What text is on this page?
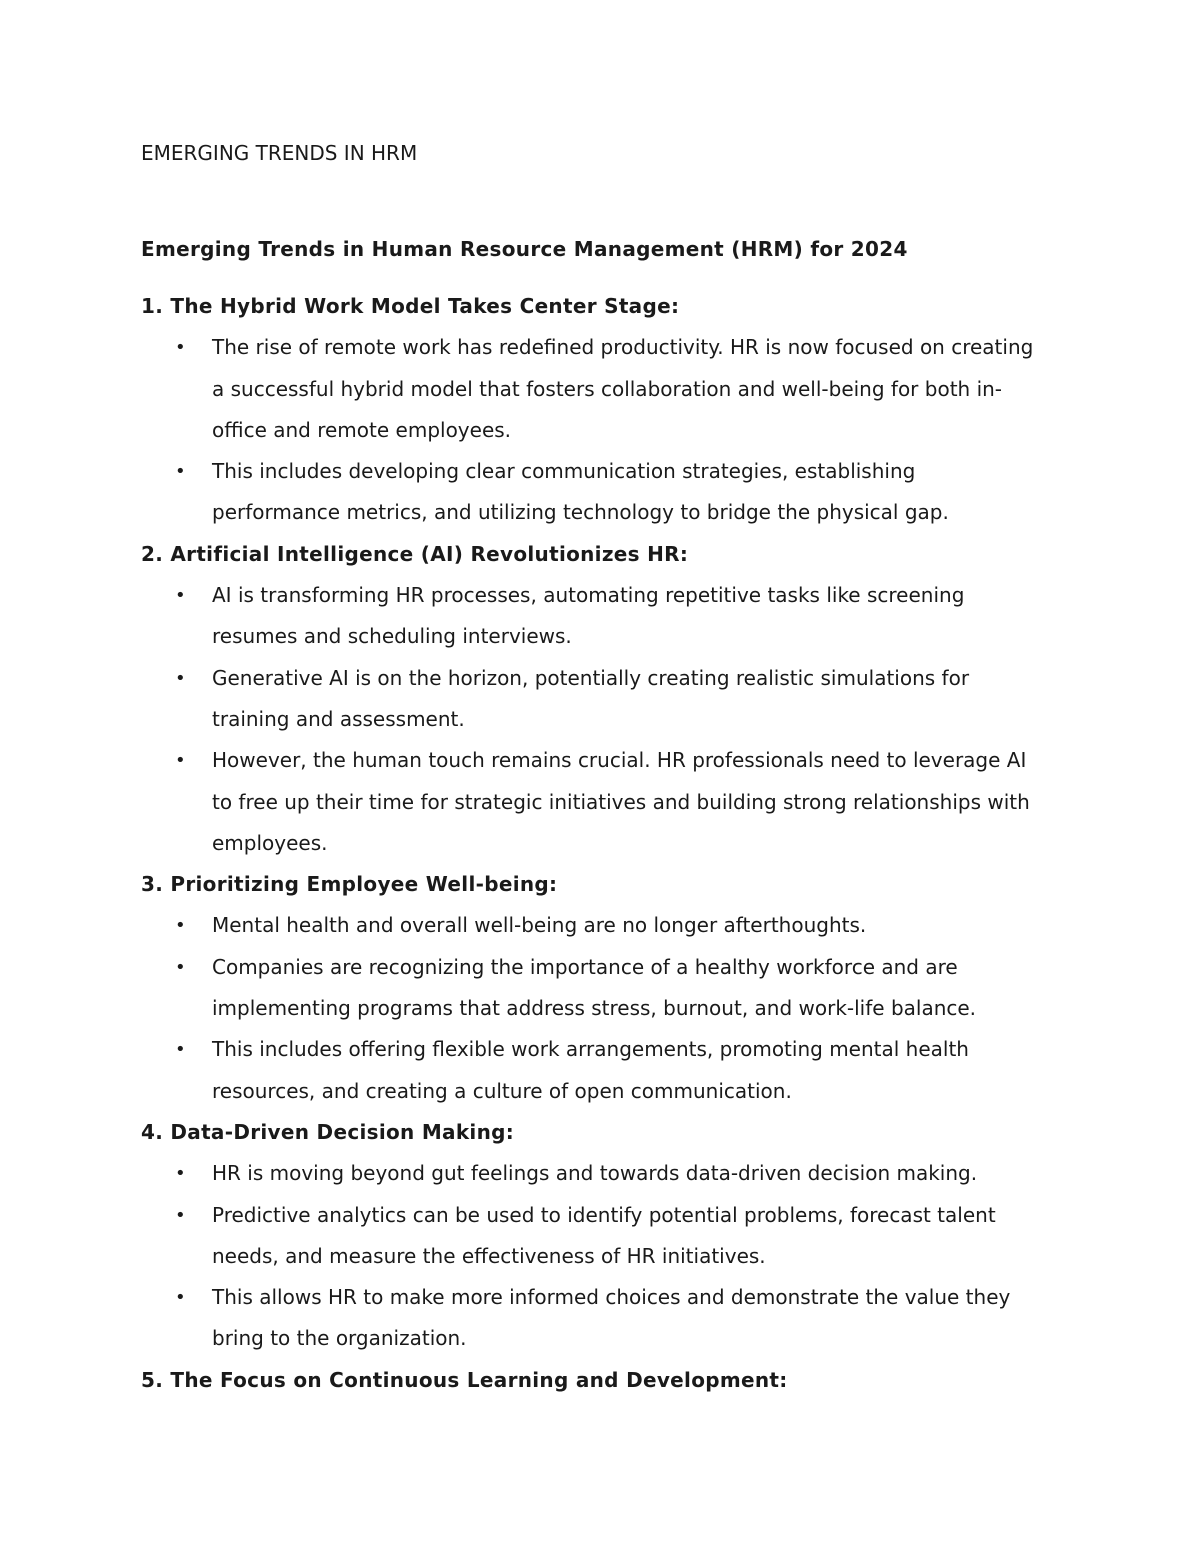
EMERGING TRENDS IN HRM
Emerging Trends in Human Resource Management (HRM) for 2024

1. The Hybrid Work Model Takes Center Stage:

• The rise of remote work has redefined productivity. HR is now focused on creating a successful hybrid model that fosters collaboration and well-being for both in-office and remote employees.
• This includes developing clear communication strategies, establishing performance metrics, and utilizing technology to bridge the physical gap.

2. Artificial Intelligence (AI) Revolutionizes HR:

• AI is transforming HR processes, automating repetitive tasks like screening resumes and scheduling interviews.
• Generative AI is on the horizon, potentially creating realistic simulations for training and assessment.
• However, the human touch remains crucial. HR professionals need to leverage AI to free up their time for strategic initiatives and building strong relationships with employees.

3. Prioritizing Employee Well-being:

• Mental health and overall well-being are no longer afterthoughts.
• Companies are recognizing the importance of a healthy workforce and are implementing programs that address stress, burnout, and work-life balance.
• This includes offering flexible work arrangements, promoting mental health resources, and creating a culture of open communication.

4. Data-Driven Decision Making:

• HR is moving beyond gut feelings and towards data-driven decision making.
• Predictive analytics can be used to identify potential problems, forecast talent needs, and measure the effectiveness of HR initiatives.
• This allows HR to make more informed choices and demonstrate the value they bring to the organization.

5. The Focus on Continuous Learning and Development:
